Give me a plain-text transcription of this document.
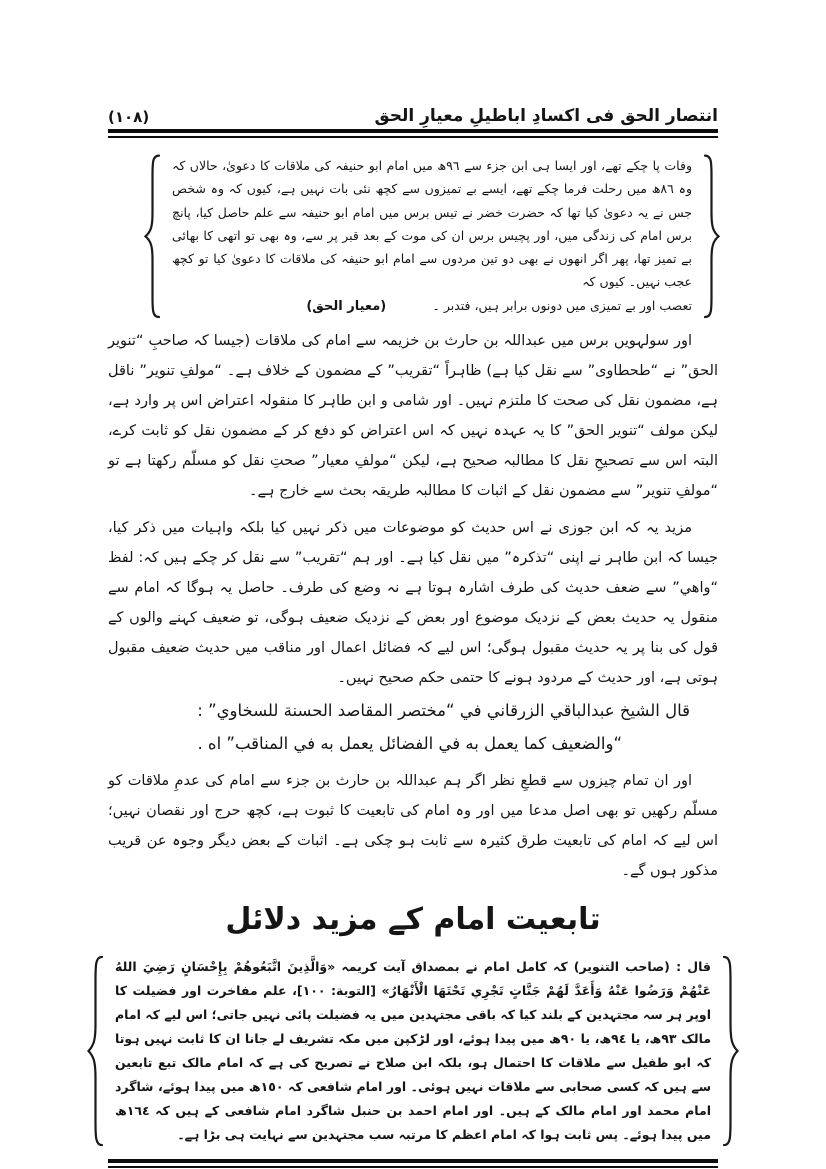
انتصار الحق فی اکسادِ اباطیلِ معیارِ الحق
(١٠٨)

وفات پا چکے تھے، اور ایسا ہی ابن جزء سے ٩٦ھ میں امام ابو حنیفہ کی ملاقات کا دعویٰ، حالاں کہ وہ ٨٦ھ میں رحلت فرما چکے تھے، ایسے بے تمیزوں سے کچھ نئی بات نہیں ہے، کیوں کہ وہ شخص جس نے یہ دعویٰ کیا تھا کہ حضرت خضر نے تیس برس میں امام ابو حنیفہ سے علم حاصل کیا، پانچ برس امام کی زندگی میں، اور پچیس برس ان کی موت کے بعد قبر پر سے، وہ بھی تو اتھی کا بھائی بے تمیز تھا، پھر اگر انھوں نے بھی دو تین مردوں سے امام ابو حنیفہ کی ملاقات کا دعویٰ کیا تو کچھ عجب نہیں۔ کیوں کہ

تعصب اور بے تمیزی میں دونوں برابر ہیں، فتدبر ۔
(معیار الحق)

اور سولہویں برس میں عبداللہ بن حارث بن خزیمہ سے امام کی ملاقات (جیسا کہ صاحبِ “تنویر الحق” نے “طحطاوی” سے نقل کیا ہے) ظاہراً “تقریب” کے مضمون کے خلاف ہے۔ “مولفِ تنویر” ناقل ہے، مضمون نقل کی صحت کا ملتزم نہیں۔ اور شامی و ابن طاہر کا منقولہ اعتراض اس پر وارد ہے، لیکن مولف “تنویر الحق” کا یہ عہدہ نہیں کہ اس اعتراض کو دفع کر کے مضمون نقل کو ثابت کرے، البتہ اس سے تصحیحِ نقل کا مطالبہ صحیح ہے، لیکن “مولفِ معیار” صحتِ نقل کو مسلّم رکھتا ہے تو “مولفِ تنویر” سے مضمون نقل کے اثبات کا مطالبہ طریقہ بحث سے خارج ہے۔

مزید یہ کہ ابن جوزی نے اس حدیث کو موضوعات میں ذکر نہیں کیا بلکہ واہیات میں ذکر کیا، جیسا کہ ابن طاہر نے اپنی “تذکرہ” میں نقل کیا ہے۔ اور ہم “تقریب” سے نقل کر چکے ہیں کہ: لفظ “واهي” سے ضعف حدیث کی طرف اشارہ ہوتا ہے نہ وضع کی طرف۔ حاصل یہ ہوگا کہ امام سے منقول یہ حدیث بعض کے نزدیک موضوع اور بعض کے نزدیک ضعیف ہوگی، تو ضعیف کہنے والوں کے قول کی بنا پر یہ حدیث مقبول ہوگی؛ اس لیے کہ فضائل اعمال اور مناقب میں حدیث ضعیف مقبول ہوتی ہے، اور حدیث کے مردود ہونے کا حتمی حکم صحیح نہیں۔

قال الشيخ عبدالباقي الزرقاني في “مختصر المقاصد الحسنة للسخاوي” :

“والضعيف كما يعمل به في الفضائل يعمل به في المناقب” اه .

اور ان تمام چیزوں سے قطعِ نظر اگر ہم عبداللہ بن حارث بن جزء سے امام کی عدمِ ملاقات کو مسلّم رکھیں تو بھی اصل مدعا میں اور وہ امام کی تابعیت کا ثبوت ہے، کچھ حرج اور نقصان نہیں؛ اس لیے کہ امام کی تابعیت طرق کثیرہ سے ثابت ہو چکی ہے۔ اثبات کے بعض دیگر وجوہ عن قریب مذکور ہوں گے۔

تابعیت امام کے مزید دلائل

قال : (صاحب التنوير) کہ کامل امام نے بمصداق آیت کریمہ «وَالَّذِينَ اتَّبَعُوهُمْ بِإِحْسَانٍ رَضِيَ اللهُ عَنْهُمْ وَرَضُوا عَنْهُ وَأَعَدَّ لَهُمْ جَنَّاتٍ تَجْرِي تَحْتَهَا الْأَنْهَارُ» [التوبة: ١٠٠]، علم مفاخرت اور فضیلت کا اوپر ہر سہ مجتہدین کے بلند کیا کہ باقی مجتہدین میں یہ فضیلت پائی نہیں جاتی؛ اس لیے کہ امام مالک ٩٣ھ، یا ٩٤ھ، یا ٩٠ھ میں پیدا ہوئے، اور لڑکپن میں مکہ تشریف لے جانا ان کا ثابت نہیں ہوتا کہ ابو طفیل سے ملاقات کا احتمال ہو، بلکہ ابن صلاح نے تصریح کی ہے کہ امام مالک تبع تابعین سے ہیں کہ کسی صحابی سے ملاقات نہیں ہوئی۔ اور امام شافعی کہ ١٥٠ھ میں پیدا ہوئے، شاگرد امام محمد اور امام مالک کے ہیں۔ اور امام احمد بن حنبل شاگرد امام شافعی کے ہیں کہ ١٦٤ھ میں پیدا ہوئے۔ پس ثابت ہوا کہ امام اعظم کا مرتبہ سب مجتہدین سے نہایت ہی بڑا ہے۔
